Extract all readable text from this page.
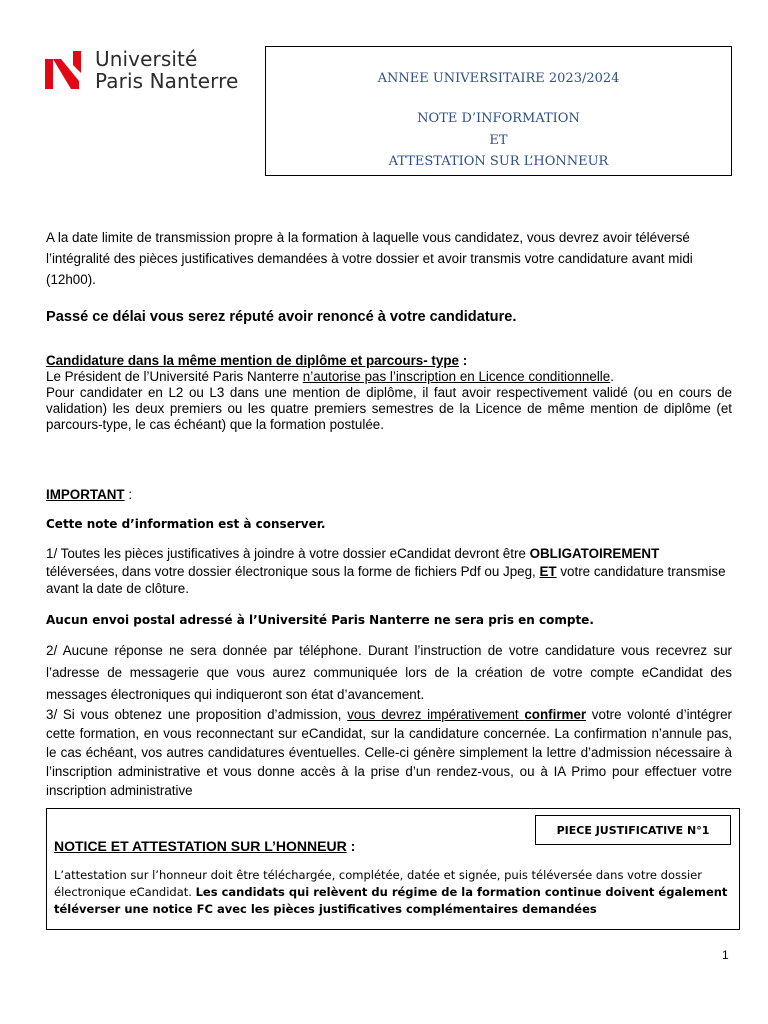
Université
Paris Nanterre	ANNEE UNIVERSITAIRE 2023/2024
NOTE D’INFORMATION
ET
ATTESTATION SUR L’HONNEUR
A la date limite de transmission propre à la formation à laquelle vous candidatez, vous devrez avoir téléversé l’intégralité des pièces justificatives demandées à votre dossier et avoir transmis votre candidature avant midi (12h00).
Passé ce délai vous serez réputé avoir renoncé à votre candidature.
Candidature dans la même mention de diplôme et parcours- type :
Le Président de l’Université Paris Nanterre n’autorise pas l’inscription en Licence conditionnelle.
Pour candidater en L2 ou L3 dans une mention de diplôme, il faut avoir respectivement validé (ou en cours de validation) les deux premiers ou les quatre premiers semestres de la Licence de même mention de diplôme (et parcours-type, le cas échéant) que la formation postulée.
IMPORTANT :
Cette note d’information est à conserver.
1/ Toutes les pièces justificatives à joindre à votre dossier eCandidat devront être OBLIGATOIREMENT téléversées, dans votre dossier électronique sous la forme de fichiers Pdf ou Jpeg, ET votre candidature transmise avant la date de clôture.
Aucun envoi postal adressé à l’Université Paris Nanterre ne sera pris en compte.
2/ Aucune réponse ne sera donnée par téléphone. Durant l’instruction de votre candidature vous recevrez sur l’adresse de messagerie que vous aurez communiquée lors de la création de votre compte eCandidat des messages électroniques qui indiqueront son état d’avancement.
3/ Si vous obtenez une proposition d’admission, vous devrez impérativement confirmer votre volonté d’intégrer cette formation, en vous reconnectant sur eCandidat, sur la candidature concernée. La confirmation n’annule pas, le cas échéant, vos autres candidatures éventuelles. Celle-ci génère simplement la lettre d’admission nécessaire à l’inscription administrative et vous donne accès à la prise d’un rendez-vous, ou à IA Primo pour effectuer votre inscription administrative
PIECE JUSTIFICATIVE N°1
NOTICE ET ATTESTATION SUR L’HONNEUR :
L’attestation sur l’honneur doit être téléchargée, complétée, datée et signée, puis téléversée dans votre dossier électronique eCandidat. Les candidats qui relèvent du régime de la formation continue doivent également téléverser une notice FC avec les pièces justificatives complémentaires demandées
1
